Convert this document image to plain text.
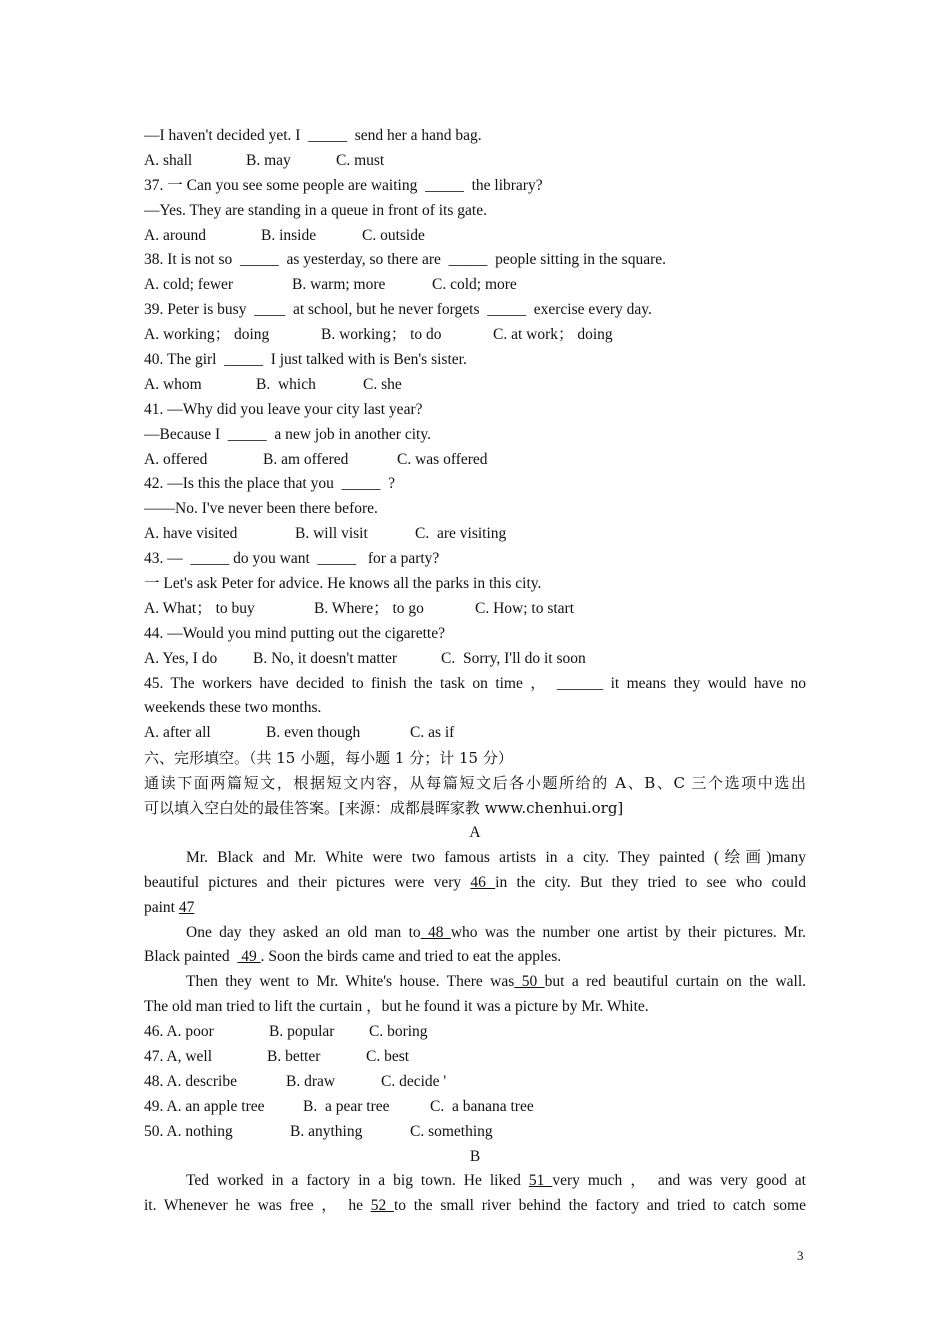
—I haven't decided yet. I  _____  send her a hand bag.
A. shall	B. may	C. must
37. 一 Can you see some people are waiting  _____  the library?
—Yes. They are standing in a queue in front of its gate.
A. around	B. inside	C. outside
38. It is not so  _____  as yesterday, so there are  _____  people sitting in the square.
A. cold; fewer	B. warm; more	C. cold; more
39. Peter is busy  ____  at school, but he never forgets  _____  exercise every day.
A. working； doing	B. working； to do	C. at work； doing
40. The girl  _____  I just talked with is Ben's sister.
A. whom	B.  which	C. she
41. —Why did you leave your city last year?
—Because I  _____  a new job in another city.
A. offered	B. am offered	C. was offered
42. —Is this the place that you  _____  ?
——No. I've never been there before.
A. have visited	B. will visit	C.  are visiting
43. —  _____ do you want  _____   for a party?
一 Let's ask Peter for advice. He knows all the parks in this city.
A. What； to buy	B. Where； to go	C. How; to start
44. —Would you mind putting out the cigarette?
A. Yes, I do B. No, it doesn't matter	C.  Sorry, I'll do it soon
45. The workers have decided to finish the task on time ， ______ it means they would have no
weekends these two months.
A. after all	B. even though	C. as if
六、完形填空。（共 15 小题，每小题 1 分；计 15 分）
通读下面两篇短文，根据短文内容，从每篇短文后各小题所给的 A、B、C 三个选项中选出
可以填入空白处的最佳答案。[来源：成都晨晖家教 www.chenhui.org]
A
Mr. Black and Mr. White were two famous artists in a city. They painted (绘画)many
beautiful pictures and their pictures were very 46 in the city. But they tried to see who could
paint 47
One day they asked an old man to 48 who was the number one artist by their pictures. Mr.
Black painted   49 . Soon the birds came and tried to eat the apples.
Then they went to Mr. White's house. There was 50 but a red beautiful curtain on the wall.
The old man tried to lift the curtain ，but he found it was a picture by Mr. White.
46. A. poor	B. popular C. boring
47. A, well	B. better	C. best
48. A. describe	B. draw	C. decide '
49. A. an apple tree B.  a pear tree	C.  a banana tree
50. A. nothing	B. anything	C. something
B
Ted worked in a factory in a big town. He liked 51 very much ， and was very good at
it. Whenever he was free ， he 52 to the small river behind the factory and tried to catch some
3
